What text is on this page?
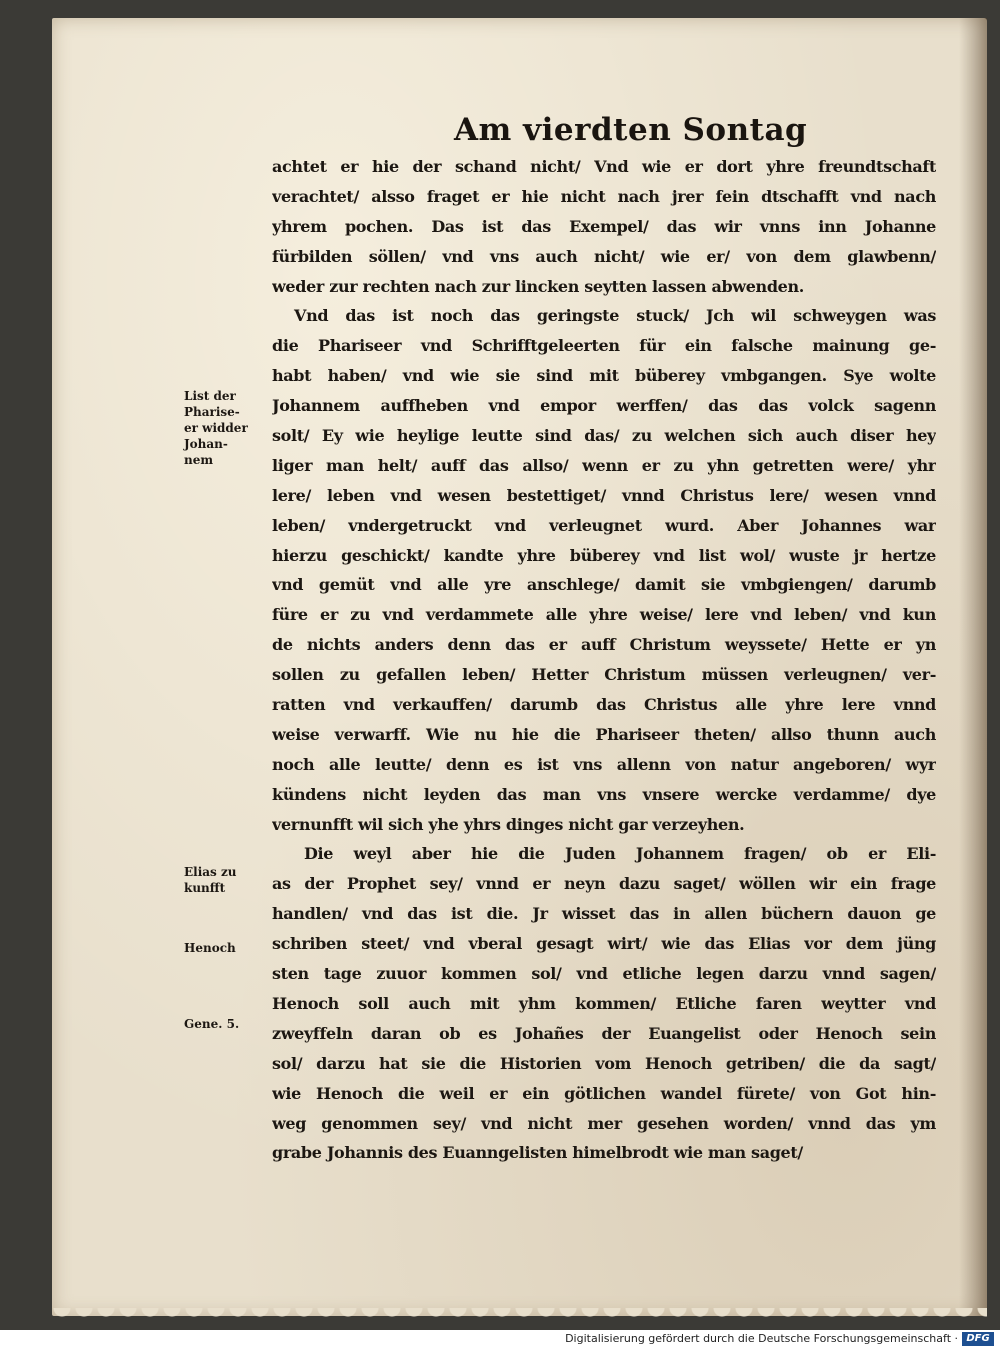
Am vierdten Sontag
achtet er hie der schand nicht/ Vnd wie er dort yhre freundtschaft
verachtet/ alsso fraget er hie nicht nach jrer fein dtschafft vnd nach
yhrem pochen. Das ist das Exempel/ das wir vnns inn Johanne
fürbilden söllen/ vnd vns auch nicht/ wie er/ von dem glawbenn/
weder zur rechten nach zur lincken seytten lassen abwenden.
Vnd das ist noch das geringste stuck/ Jch wil schweygen was
die Phariseer vnd Schrifftgeleerten für ein falsche mainung ge-
habt haben/ vnd wie sie sind mit büberey vmbgangen. Sye wolte
Johannem auffheben vnd empor werffen/ das das volck sagenn
solt/ Ey wie heylige leutte sind das/ zu welchen sich auch diser hey
liger man helt/ auff das allso/ wenn er zu yhn getretten were/ yhr
lere/ leben vnd wesen bestettiget/ vnnd Christus lere/ wesen vnnd
leben/ vndergetruckt vnd verleugnet wurd. Aber Johannes war
hierzu geschickt/ kandte yhre büberey vnd list wol/ wuste jr hertze
vnd gemüt vnd alle yre anschlege/ damit sie vmbgiengen/ darumb
füre er zu vnd verdammete alle yhre weise/ lere vnd leben/ vnd kun
de nichts anders denn das er auff Christum weyssete/ Hette er yn
sollen zu gefallen leben/ Hetter Christum müssen verleugnen/ ver-
ratten vnd verkauffen/ darumb das Christus alle yhre lere vnnd
weise verwarff. Wie nu hie die Phariseer theten/ allso thunn auch
noch alle leutte/ denn es ist vns allenn von natur angeboren/ wyr
kündens nicht leyden das man vns vnsere wercke verdamme/ dye
vernunfft wil sich yhe yhrs dinges nicht gar verzeyhen.
Die weyl aber hie die Juden Johannem fragen/ ob er Eli-
as der Prophet sey/ vnnd er neyn dazu saget/ wöllen wir ein frage
handlen/ vnd das ist die. Jr wisset das in allen büchern dauon ge
schriben steet/ vnd vberal gesagt wirt/ wie das Elias vor dem jüng
sten tage zuuor kommen sol/ vnd etliche legen darzu vnnd sagen/
Henoch soll auch mit yhm kommen/ Etliche faren weytter vnd
zweyffeln daran ob es Johañes der Euangelist oder Henoch sein
sol/ darzu hat sie die Historien vom Henoch getriben/ die da sagt/
wie Henoch die weil er ein götlichen wandel fürete/ von Got hin-
weg genommen sey/ vnd nicht mer gesehen worden/ vnnd das ym
grabe Johannis des Euanngelisten himelbrodt wie man saget/
List der
Pharise-
er widder
Johan-
nem
Elias zu
kunfft
Henoch
Gene. 5.
Digitalisierung gefördert durch die Deutsche Forschungsgemeinschaft · DFG
